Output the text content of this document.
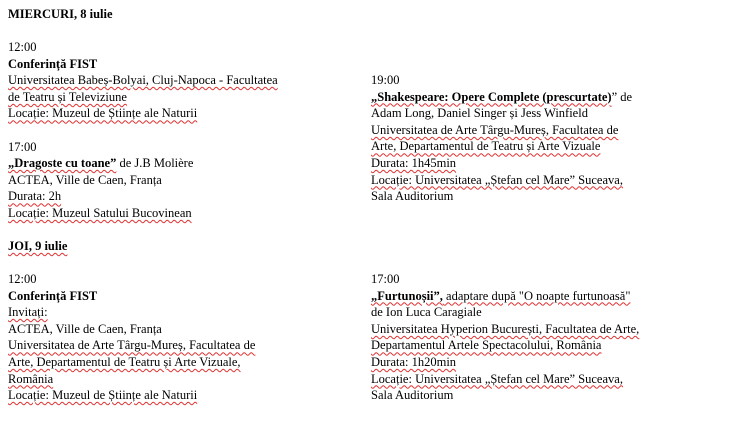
MIERCURI, 8 iulie
12:00
Conferință FIST
Universitatea Babeș-Bolyai, Cluj-Napoca - Facultatea
de Teatru și Televiziune
Locație: Muzeul de Științe ale Naturii
17:00
„Dragoste cu toane” de J.B Molière
ACTEA, Ville de Caen, Franța
Durata: 2h
Locație: Muzeul Satului Bucovinean
19:00
„Shakespeare: Opere Complete (prescurtate)” de
Adam Long, Daniel Singer și Jess Winfield
Universitatea de Arte Târgu-Mureș, Facultatea de
Arte, Departamentul de Teatru și Arte Vizuale
Durata: 1h45min
Locație: Universitatea „Ștefan cel Mare” Suceava,
Sala Auditorium
JOI, 9 iulie
12:00
Conferință FIST
Invitați:
ACTEA, Ville de Caen, Franța
Universitatea de Arte Târgu-Mureș, Facultatea de
Arte, Departamentul de Teatru și Arte Vizuale,
România
Locație: Muzeul de Științe ale Naturii
17:00
„Furtunoșii”, adaptare după "O noapte furtunoasă"
de Ion Luca Caragiale
Universitatea Hyperion București, Facultatea de Arte,
Departamentul Artele Spectacolului, România
Durata: 1h20min
Locație: Universitatea „Ștefan cel Mare” Suceava,
Sala Auditorium
